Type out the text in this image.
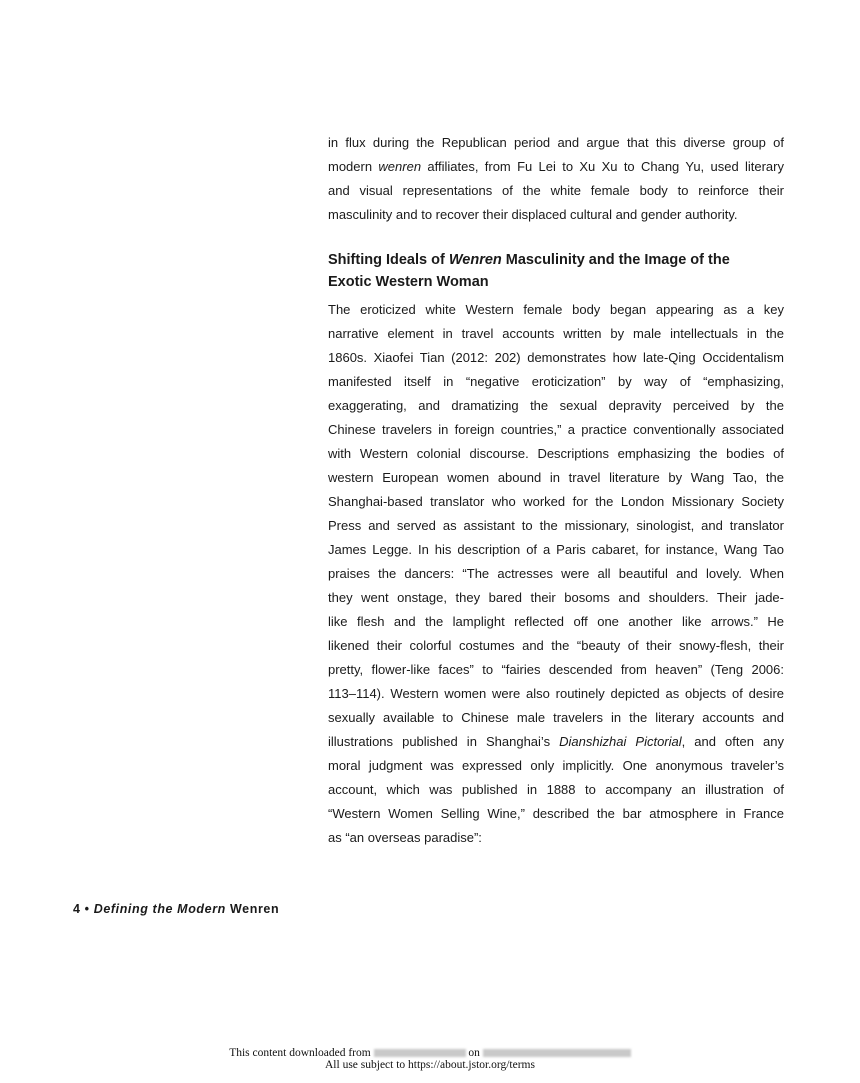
in flux during the Republican period and argue that this diverse group of
modern wenren affiliates, from Fu Lei to Xu Xu to Chang Yu, used literary
and visual representations of the white female body to reinforce their
masculinity and to recover their displaced cultural and gender authority.
Shifting Ideals of Wenren Masculinity and the Image of the
Exotic Western Woman
The eroticized white Western female body began appearing as a key
narrative element in travel accounts written by male intellectuals in the
1860s. Xiaofei Tian (2012: 202) demonstrates how late-Qing Occidentalism
manifested itself in “negative eroticization” by way of “emphasizing,
exaggerating, and dramatizing the sexual depravity perceived by the
Chinese travelers in foreign countries,” a practice conventionally associated
with Western colonial discourse. Descriptions emphasizing the bodies of
western European women abound in travel literature by Wang Tao, the
Shanghai-based translator who worked for the London Missionary Society
Press and served as assistant to the missionary, sinologist, and translator
James Legge. In his description of a Paris cabaret, for instance, Wang Tao
praises the dancers: “The actresses were all beautiful and lovely. When
they went onstage, they bared their bosoms and shoulders. Their jade-
like flesh and the lamplight reflected off one another like arrows.” He
likened their colorful costumes and the “beauty of their snowy-flesh, their
pretty, flower-like faces” to “fairies descended from heaven” (Teng 2006:
113–114). Western women were also routinely depicted as objects of desire
sexually available to Chinese male travelers in the literary accounts and
illustrations published in Shanghai’s Dianshizhai Pictorial, and often any
moral judgment was expressed only implicitly. One anonymous traveler’s
account, which was published in 1888 to accompany an illustration of
“Western Women Selling Wine,” described the bar atmosphere in France
as “an overseas paradise”:
4 • Defining the Modern Wenren
This content downloaded from	on
All use subject to https://about.jstor.org/terms
